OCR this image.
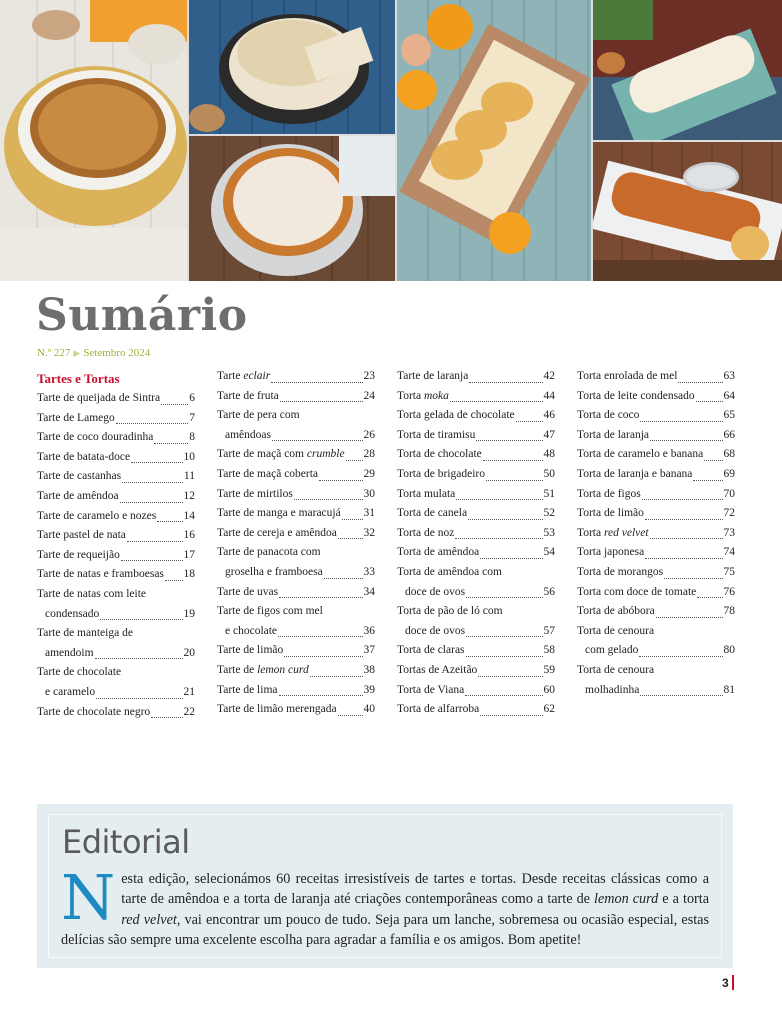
Sumário
N.º 227 ▶ Setembro 2024
Tartes e Tortas
Tarte de queijada de Sintra	6
Tarte de Lamego	7
Tarte de coco douradinha	8
Tarte de batata-doce	10
Tarte de castanhas	11
Tarte de amêndoa	12
Tarte de caramelo e nozes 14
Tarte pastel de nata	16
Tarte de requeijão	17
Tarte de natas e framboesas 18
Tarte de natas com leite
condensado	19
Tarte de manteiga de
amendoim	20
Tarte de chocolate
e caramelo	21
Tarte de chocolate negro	22
Tarte eclair	23
Tarte de fruta	24
Tarte de pera com
amêndoas	26
Tarte de maçã com crumble 28
Tarte de maçã coberta	29
Tarte de mirtilos	30
Tarte de manga e maracujá 31
Tarte de cereja e amêndoa 32
Tarte de panacota com
groselha e framboesa	33
Tarte de uvas	34
Tarte de figos com mel
e chocolate	36
Tarte de limão	37
Tarte de lemon curd	38
Tarte de lima	39
Tarte de limão merengada 40
Tarte de laranja	42
Torta moka	44
Torta gelada de chocolate	46
Torta de tiramisu	47
Torta de chocolate	48
Torta de brigadeiro	50
Torta mulata	51
Torta de canela	52
Torta de noz	53
Torta de amêndoa	54
Torta de amêndoa com
doce de ovos	56
Torta de pão de ló com
doce de ovos	57
Torta de claras	58
Tortas de Azeitão	59
Torta de Viana	60
Torta de alfarroba	62
Torta enrolada de mel	63
Torta de leite condensado	64
Torta de coco	65
Torta de laranja	66
Torta de caramelo e banana 68
Torta de laranja e banana	69
Torta de figos	70
Torta de limão	72
Torta red velvet	73
Torta japonesa	74
Torta de morangos	75
Torta com doce de tomate 76
Torta de abóbora	78
Torta de cenoura
com gelado	80
Torta de cenoura
molhadinha	81
Editorial

Nesta edição, selecionámos 60 receitas irresistíveis de tartes e tortas. Desde receitas clássicas como a tarte de amêndoa e a torta de laranja até criações contemporâneas como a tarte de lemon curd e a torta red velvet, vai encontrar um pouco de tudo. Seja para um lanche, sobremesa ou ocasião especial, estas delícias são sempre uma excelente escolha para agradar a família e os amigos. Bom apetite!

3
